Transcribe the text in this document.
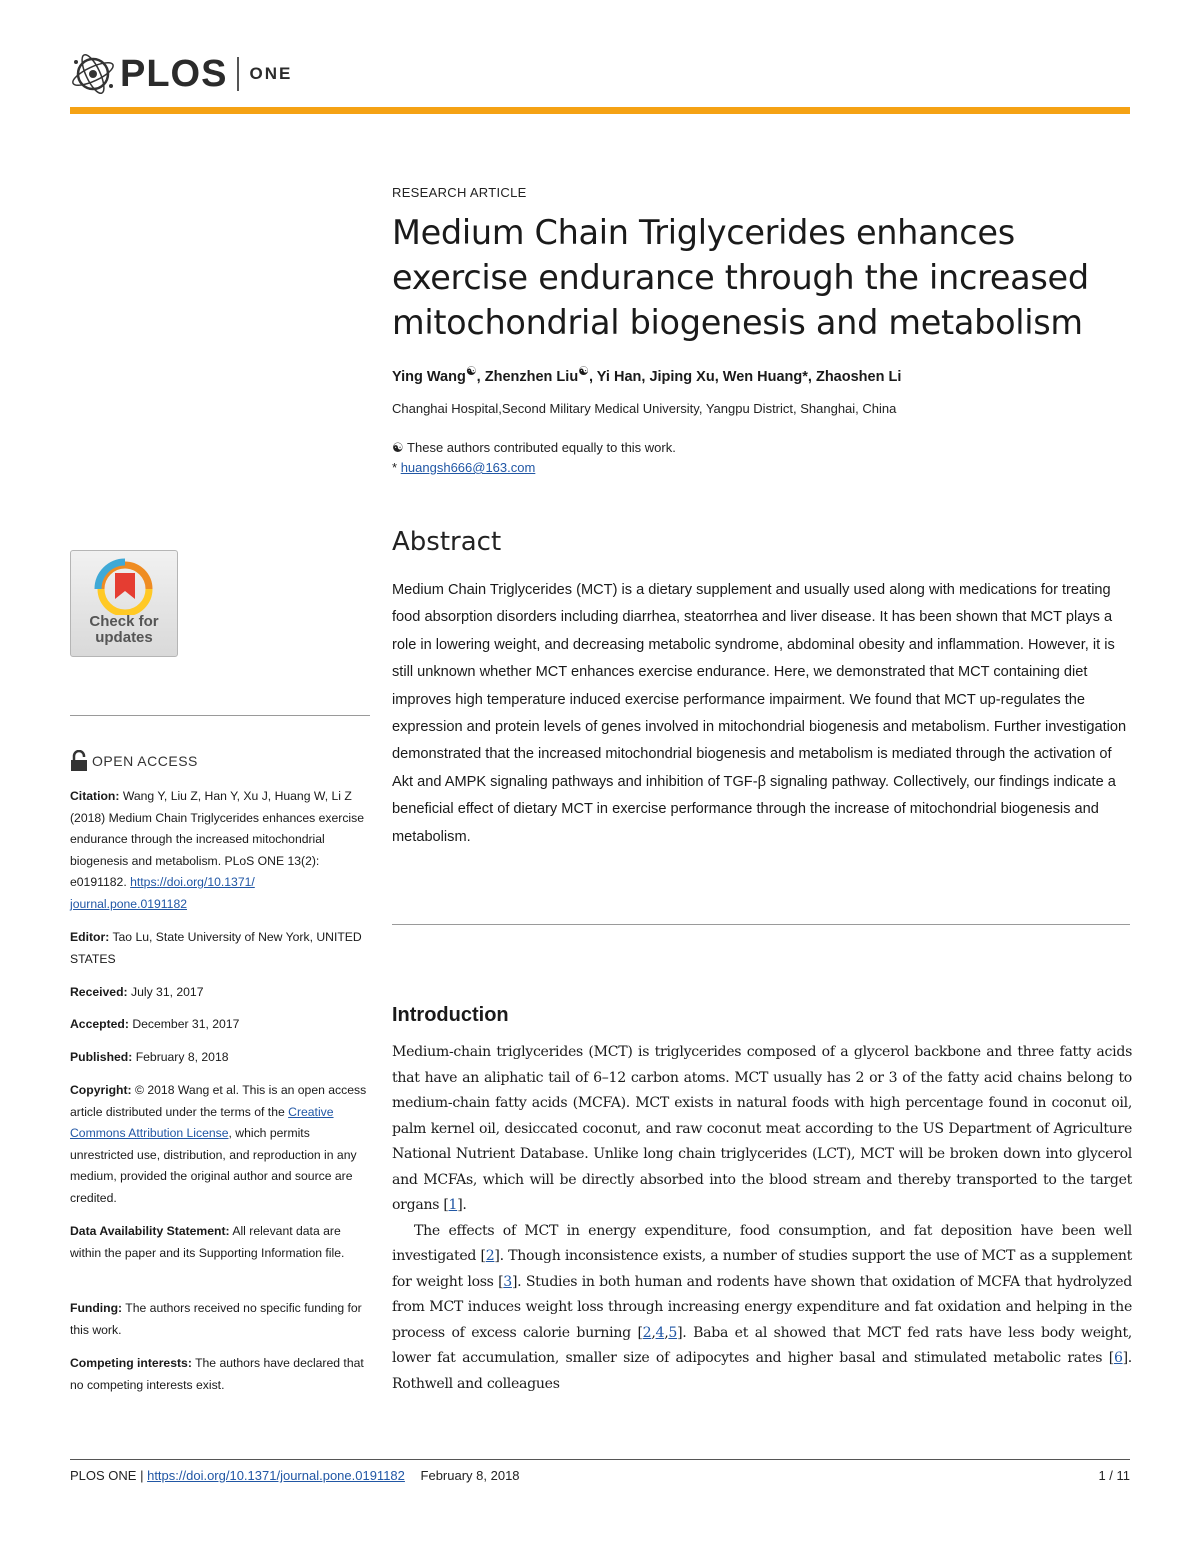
PLOS ONE
Check for updates
OPEN ACCESS
Citation: Wang Y, Liu Z, Han Y, Xu J, Huang W, Li Z (2018) Medium Chain Triglycerides enhances exercise endurance through the increased mitochondrial biogenesis and metabolism. PLoS ONE 13(2): e0191182. https://doi.org/10.1371/
journal.pone.0191182
Editor: Tao Lu, State University of New York, UNITED STATES
Received: July 31, 2017
Accepted: December 31, 2017
Published: February 8, 2018
Copyright: © 2018 Wang et al. This is an open access article distributed under the terms of the Creative Commons Attribution License, which permits unrestricted use, distribution, and reproduction in any medium, provided the original author and source are credited.
Data Availability Statement: All relevant data are within the paper and its Supporting Information file.
Funding: The authors received no specific funding for this work.
Competing interests: The authors have declared that no competing interests exist.
RESEARCH ARTICLE
Medium Chain Triglycerides enhances exercise endurance through the increased mitochondrial biogenesis and metabolism
Ying Wang☯, Zhenzhen Liu☯, Yi Han, Jiping Xu, Wen Huang*, Zhaoshen Li
Changhai Hospital,Second Military Medical University, Yangpu District, Shanghai, China
☯ These authors contributed equally to this work.
* huangsh666@163.com
Abstract
Medium Chain Triglycerides (MCT) is a dietary supplement and usually used along with medications for treating food absorption disorders including diarrhea, steatorrhea and liver disease. It has been shown that MCT plays a role in lowering weight, and decreasing metabolic syndrome, abdominal obesity and inflammation. However, it is still unknown whether MCT enhances exercise endurance. Here, we demonstrated that MCT containing diet improves high temperature induced exercise performance impairment. We found that MCT up-regulates the expression and protein levels of genes involved in mitochondrial biogenesis and metabolism. Further investigation demonstrated that the increased mitochondrial biogenesis and metabolism is mediated through the activation of Akt and AMPK signaling pathways and inhibition of TGF-β signaling pathway. Collectively, our findings indicate a beneficial effect of dietary MCT in exercise performance through the increase of mitochondrial biogenesis and metabolism.
Introduction

Medium-chain triglycerides (MCT) is triglycerides composed of a glycerol backbone and three fatty acids that have an aliphatic tail of 6–12 carbon atoms. MCT usually has 2 or 3 of the fatty acid chains belong to medium-chain fatty acids (MCFA). MCT exists in natural foods with high percentage found in coconut oil, palm kernel oil, desiccated coconut, and raw coconut meat according to the US Department of Agriculture National Nutrient Database. Unlike long chain triglycerides (LCT), MCT will be broken down into glycerol and MCFAs, which will be directly absorbed into the blood stream and thereby transported to the target organs [1].

The effects of MCT in energy expenditure, food consumption, and fat deposition have been well investigated [2]. Though inconsistence exists, a number of studies support the use of MCT as a supplement for weight loss [3]. Studies in both human and rodents have shown that oxidation of MCFA that hydrolyzed from MCT induces weight loss through increasing energy expenditure and fat oxidation and helping in the process of excess calorie burning [2,4,5]. Baba et al showed that MCT fed rats have less body weight, lower fat accumulation, smaller size of adipocytes and higher basal and stimulated metabolic rates [6]. Rothwell and colleagues

PLOS ONE | https://doi.org/10.1371/journal.pone.0191182 February 8, 2018	1 / 11
